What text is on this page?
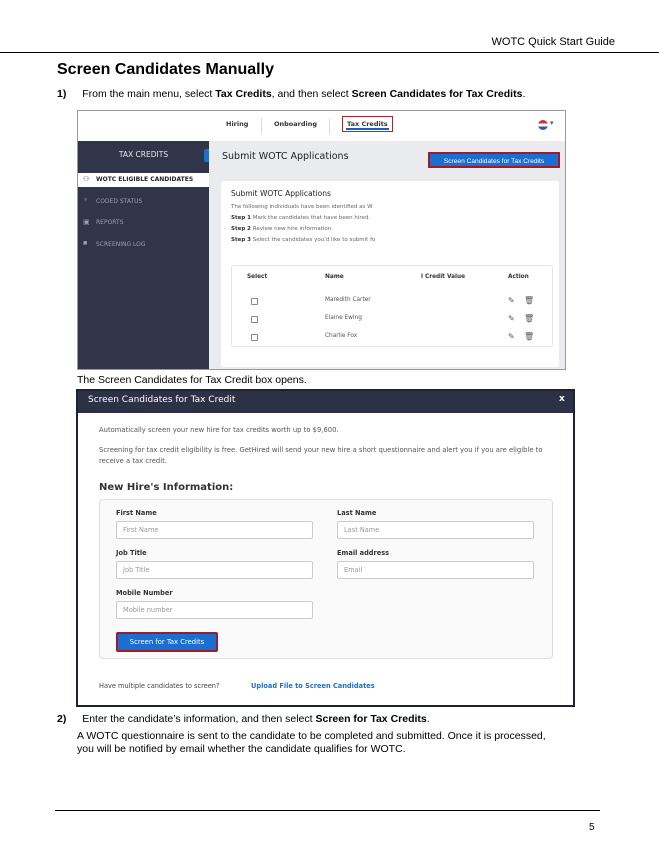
WOTC Quick Start Guide
Screen Candidates Manually
1) From the main menu, select Tax Credits, and then select Screen Candidates for Tax Credits.
Hiring	Onboarding	Tax Credits	▾
TAX CREDITS
⚇ WOTC ELIGIBLE CANDIDATES
♆ CODED STATUS
▣ REPORTS
■ SCREENING LOG
Submit WOTC Applications	Screen Candidates for Tax Credits
Submit WOTC Applications
The following individuals have been identified as W
Step 1 Mark the candidates that have been hired.
Step 2 Review new hire information.
Step 3 Select the candidates you'd like to submit fo
Select	Name	l Credit Value	Action
Maredith Carter	✎ 🗑
Elaine Ewing	✎ 🗑
Charlie Fox	✎ 🗑
The Screen Candidates for Tax Credit box opens.
Screen Candidates for Tax Credit	x
Automatically screen your new hire for tax credits worth up to $9,600.
Screening for tax credit eligibility is free. GetHired will send your new hire a short questionnaire and alert you if you are eligible to receive a tax credit.
New Hire's Information:
First Name
First Name
Last Name
Last Name
Job Title
Job Title
Email address
Email
Mobile Number
Mobile number
Screen for Tax Credits
Have multiple candidates to screen?	Upload File to Screen Candidates
2) Enter the candidate’s information, and then select Screen for Tax Credits.
A WOTC questionnaire is sent to the candidate to be completed and submitted. Once it is processed,
you will be notified by email whether the candidate qualifies for WOTC.
5
